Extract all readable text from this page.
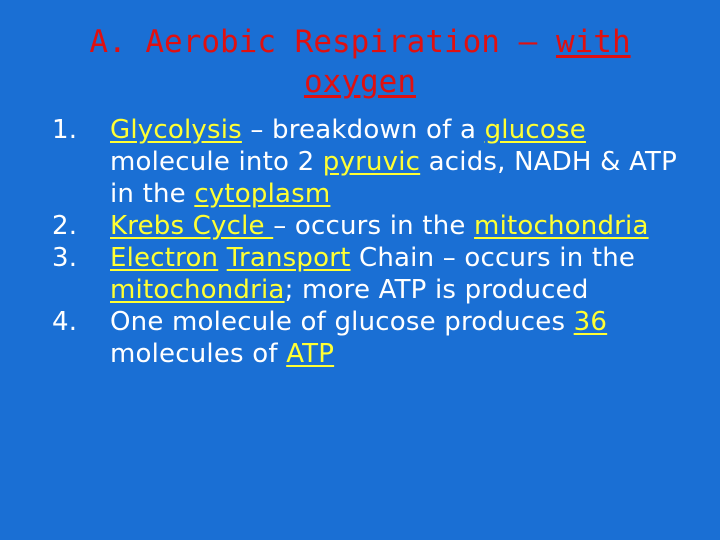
A. Aerobic Respiration – with
oxygen
1.	Glycolysis – breakdown of a glucose molecule into 2 pyruvic acids, NADH & ATP in the cytoplasm
2.	Krebs Cycle – occurs in the mitochondria
3.	Electron Transport Chain – occurs in the mitochondria; more ATP is produced
4.	One molecule of glucose produces 36 molecules of ATP
